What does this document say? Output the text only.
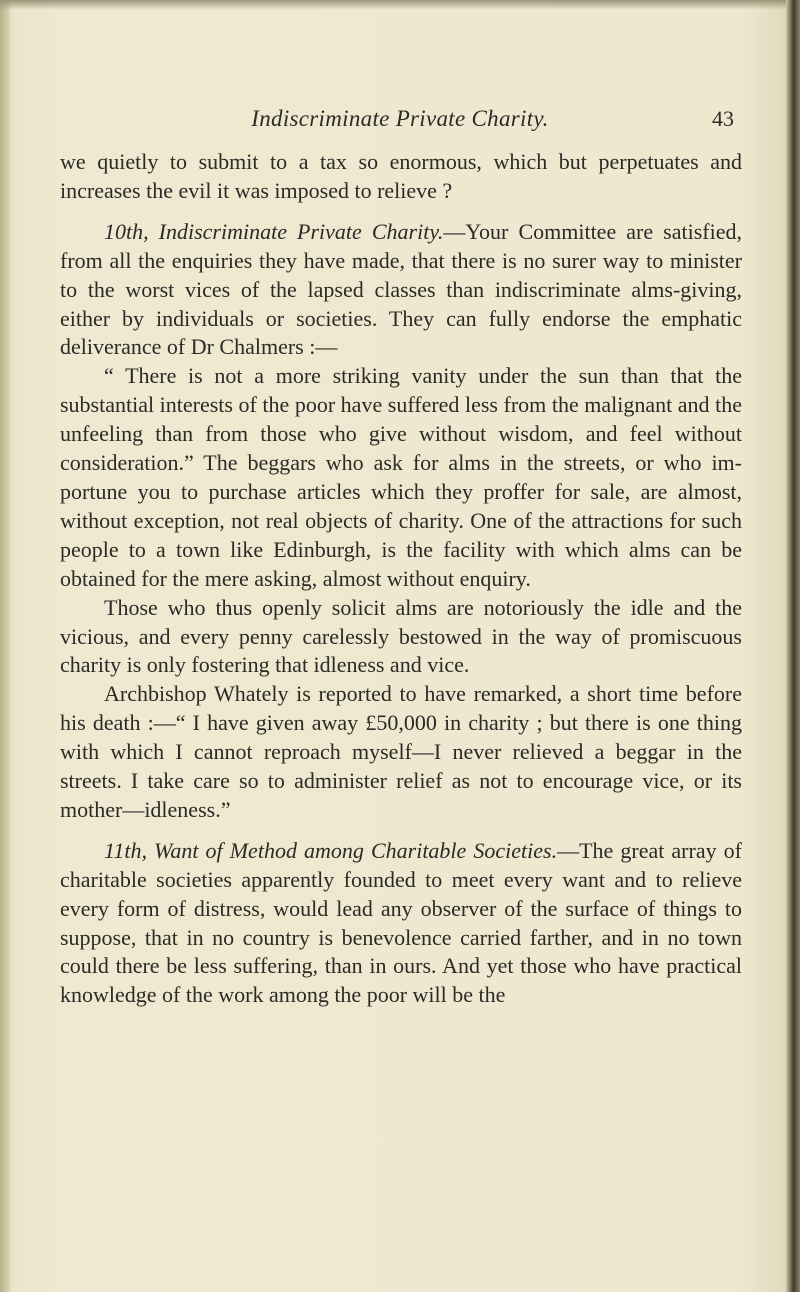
Indiscriminate Private Charity.	43

we quietly to submit to a tax so enormous, which but perpetuates and increases the evil it was imposed to relieve ?

10th, Indiscriminate Private Charity.—Your Committee are satisfied, from all the enquiries they have made, that there is no surer way to minister to the worst vices of the lapsed classes than indiscriminate alms-giving, either by individuals or societies. They can fully endorse the emphatic deliverance of Dr Chalmers :—

“ There is not a more striking vanity under the sun than that the substantial interests of the poor have suffered less from the malignant and the unfeeling than from those who give without wisdom, and feel without consideration.” The beggars who ask for alms in the streets, or who importune you to purchase articles which they proffer for sale, are almost, without exception, not real objects of charity. One of the attractions for such people to a town like Edinburgh, is the facility with which alms can be obtained for the mere asking, almost without enquiry.

Those who thus openly solicit alms are notoriously the idle and the vicious, and every penny carelessly bestowed in the way of promiscuous charity is only fostering that idleness and vice.

Archbishop Whately is reported to have remarked, a short time before his death :—“ I have given away £50,000 in charity ; but there is one thing with which I cannot reproach myself—I never relieved a beggar in the streets. I take care so to administer relief as not to encourage vice, or its mother—idleness.”

11th, Want of Method among Charitable Societies.—The great array of charitable societies apparently founded to meet every want and to relieve every form of distress, would lead any observer of the surface of things to suppose, that in no country is benevolence carried farther, and in no town could there be less suffering, than in ours. And yet those who have practical knowledge of the work among the poor will be the
